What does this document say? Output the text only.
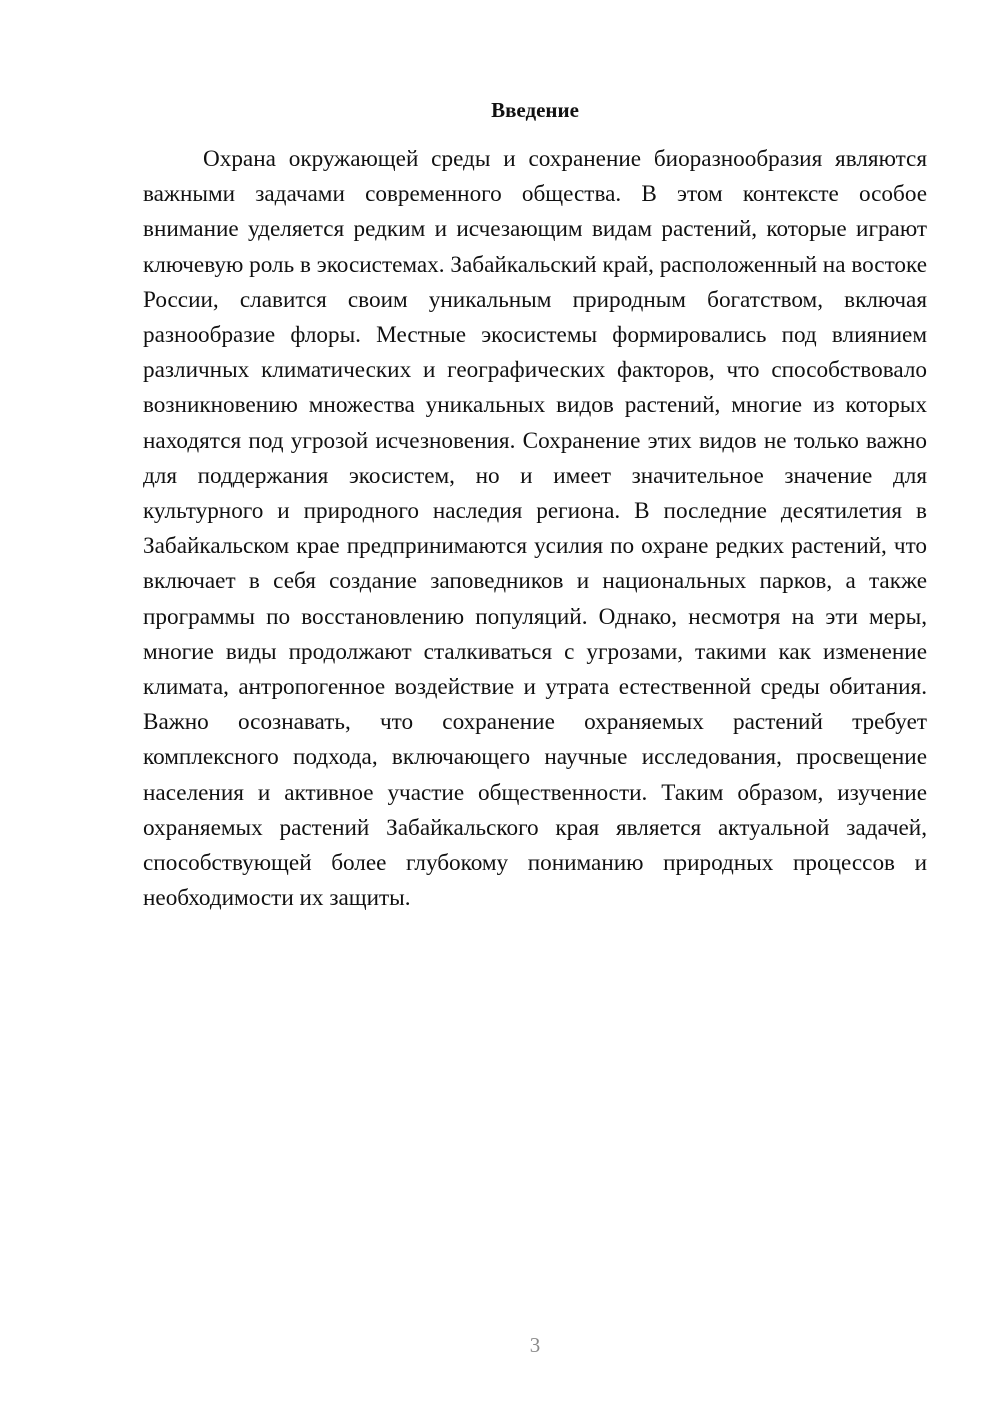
Введение

Охрана окружающей среды и сохранение биоразнообразия являются важными задачами современного общества. В этом контексте особое внимание уделяется редким и исчезающим видам растений, которые играют ключевую роль в экосистемах. Забайкальский край, расположенный на востоке России, славится своим уникальным природным богатством, включая разнообразие флоры. Местные экосистемы формировались под влиянием различных климатических и географических факторов, что способствовало возникновению множества уникальных видов растений, многие из которых находятся под угрозой исчезновения. Сохранение этих видов не только важно для поддержания экосистем, но и имеет значительное значение для культурного и природного наследия региона. В последние десятилетия в Забайкальском крае предпринимаются усилия по охране редких растений, что включает в себя создание заповедников и национальных парков, а также программы по восстановлению популяций. Однако, несмотря на эти меры, многие виды продолжают сталкиваться с угрозами, такими как изменение климата, антропогенное воздействие и утрата естественной среды обитания. Важно осознавать, что сохранение охраняемых растений требует комплексного подхода, включающего научные исследования, просвещение населения и активное участие общественности. Таким образом, изучение охраняемых растений Забайкальского края является актуальной задачей, способствующей более глубокому пониманию природных процессов и необходимости их защиты.

3
